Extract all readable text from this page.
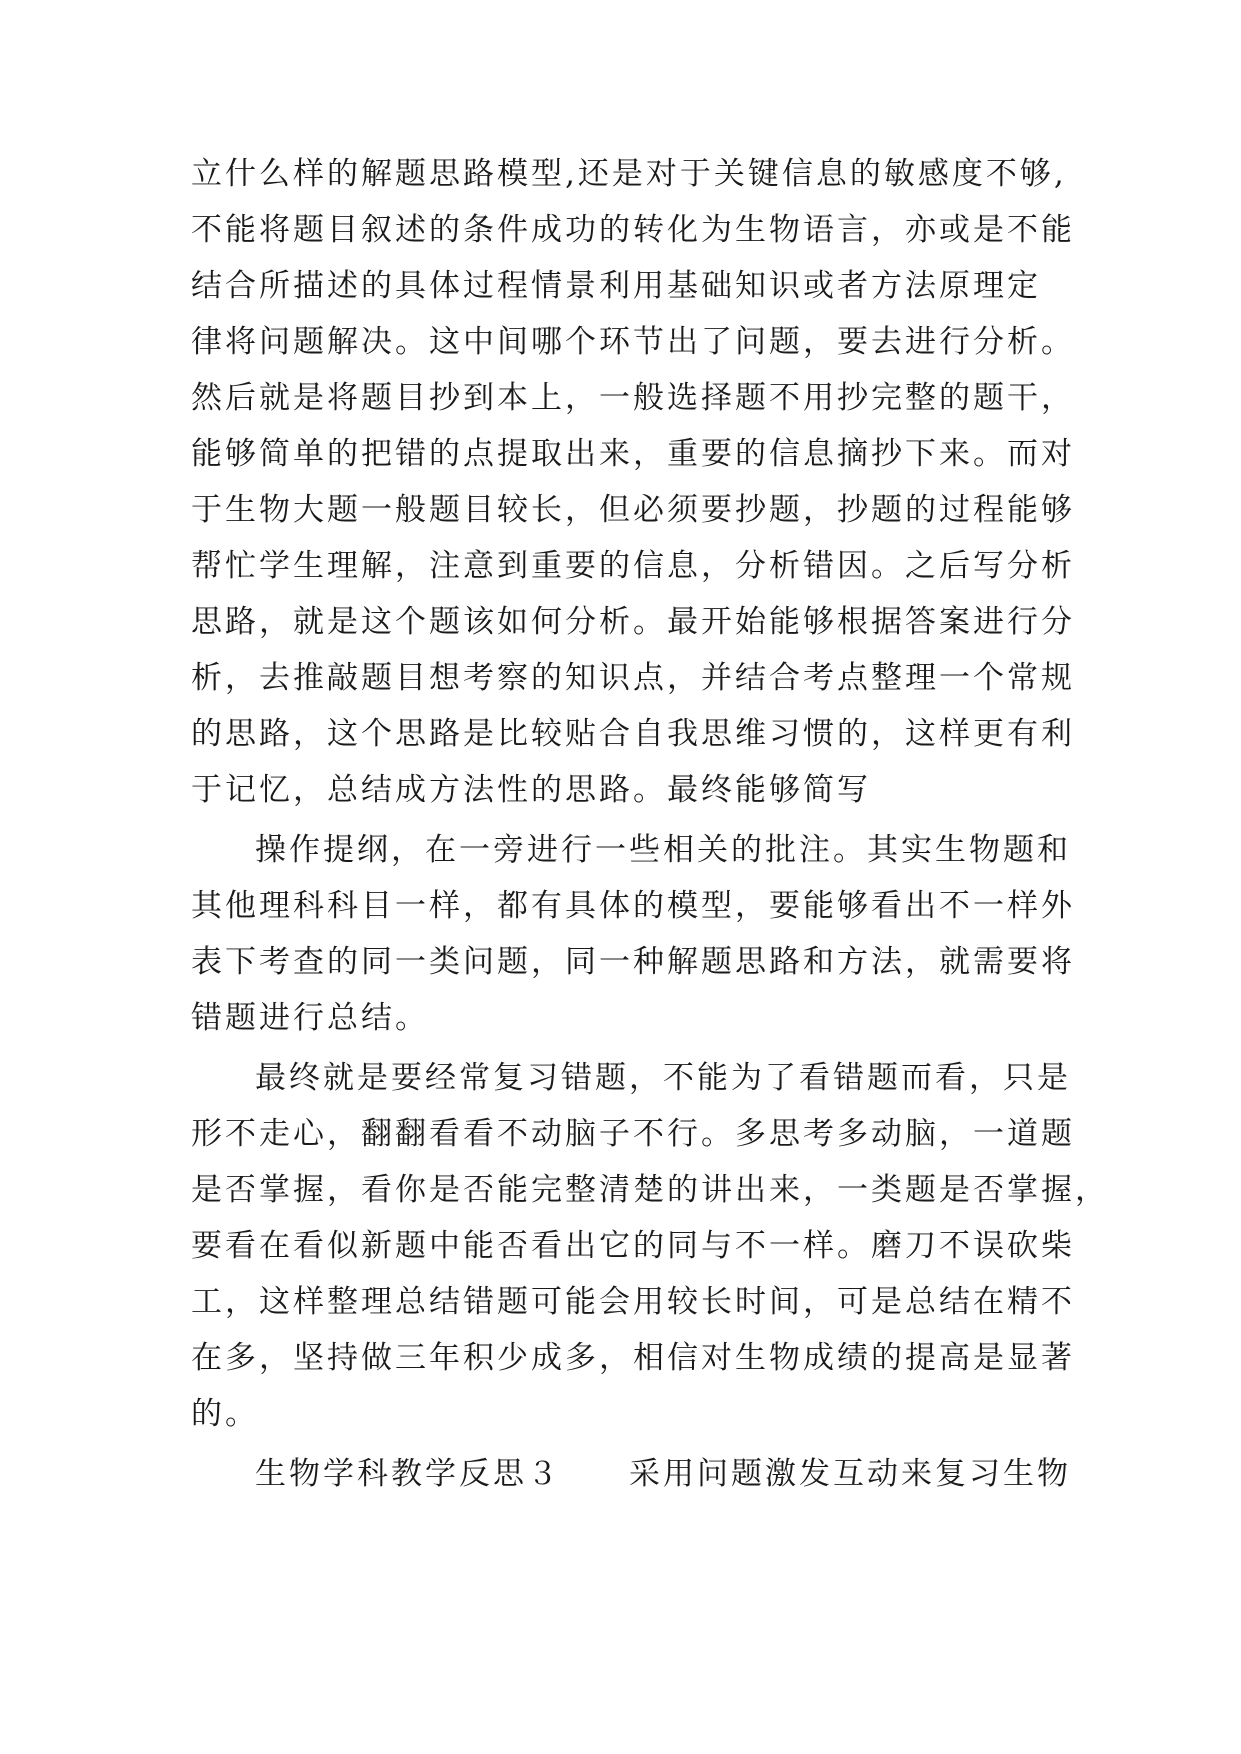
立什么样的解题思路模型,还是对于关键信息的敏感度不够,
不能将题目叙述的条件成功的转化为生物语言，亦或是不能
结合所描述的具体过程情景利用基础知识或者方法原理定
律将问题解决。这中间哪个环节出了问题，要去进行分析。
然后就是将题目抄到本上，一般选择题不用抄完整的题干，
能够简单的把错的点提取出来，重要的信息摘抄下来。而对
于生物大题一般题目较长，但必须要抄题，抄题的过程能够
帮忙学生理解，注意到重要的信息，分析错因。之后写分析
思路，就是这个题该如何分析。最开始能够根据答案进行分
析，去推敲题目想考察的知识点，并结合考点整理一个常规
的思路，这个思路是比较贴合自我思维习惯的，这样更有利
于记忆，总结成方法性的思路。最终能够简写
操作提纲，在一旁进行一些相关的批注。其实生物题和
其他理科科目一样，都有具体的模型，要能够看出不一样外
表下考查的同一类问题，同一种解题思路和方法，就需要将
错题进行总结。
最终就是要经常复习错题，不能为了看错题而看，只是
形不走心，翻翻看看不动脑子不行。多思考多动脑，一道题
是否掌握，看你是否能完整清楚的讲出来，一类题是否掌握，
要看在看似新题中能否看出它的同与不一样。磨刀不误砍柴
工，这样整理总结错题可能会用较长时间，可是总结在精不
在多，坚持做三年积少成多，相信对生物成绩的提高是显著
的。
生物学科教学反思３　　采用问题激发互动来复习生物
